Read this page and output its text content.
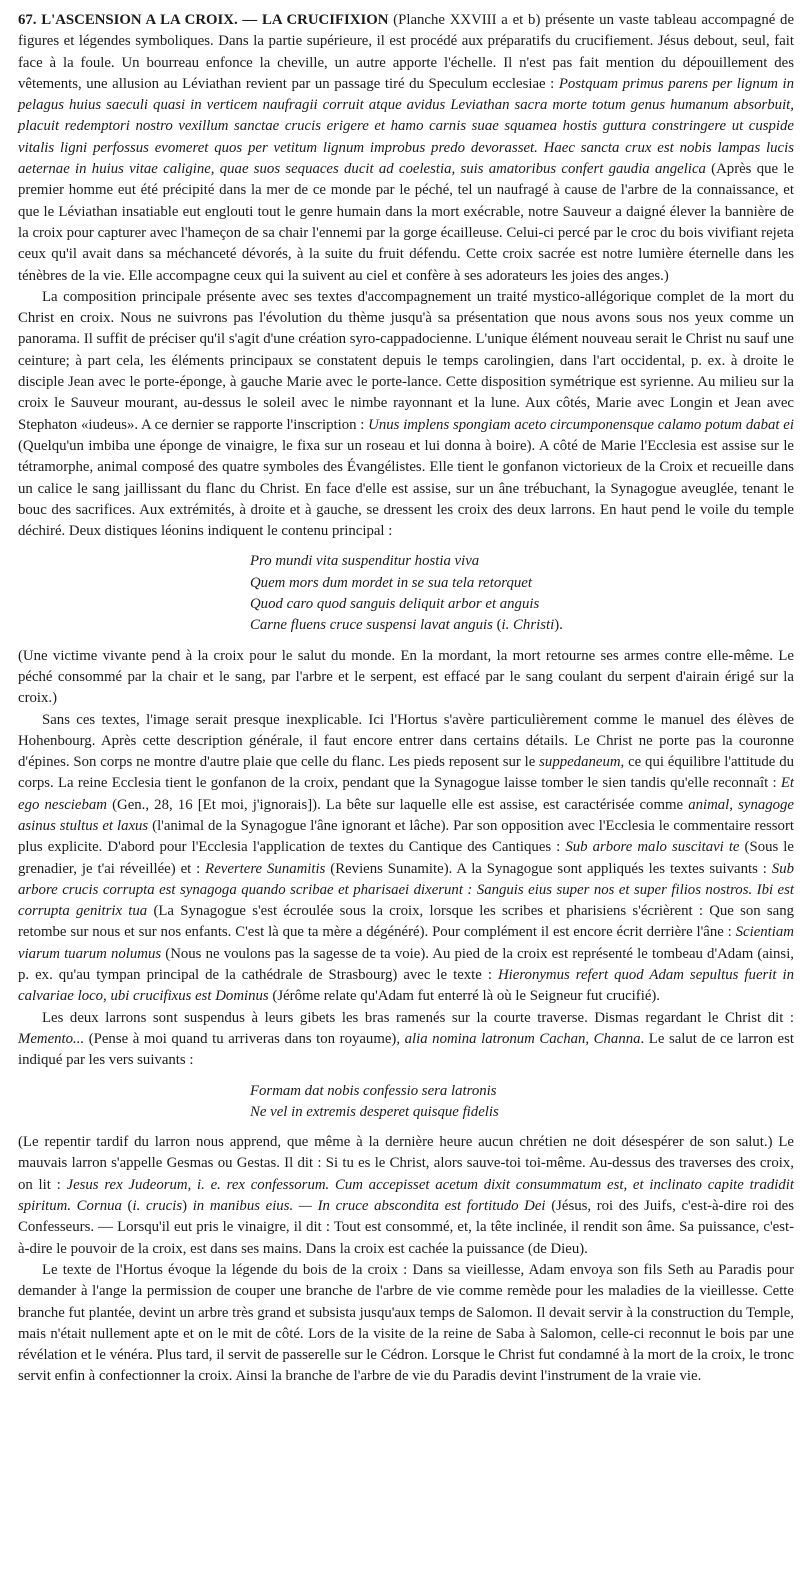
67. L'ASCENSION A LA CROIX. — LA CRUCIFIXION (Planche XXVIII a et b) présente un vaste tableau accompagné de figures et légendes symboliques. Dans la partie supérieure, il est procédé aux préparatifs du crucifiement. Jésus debout, seul, fait face à la foule. Un bourreau enfonce la cheville, un autre apporte l'échelle. Il n'est pas fait mention du dépouillement des vêtements, une allusion au Léviathan revient par un passage tiré du Speculum ecclesiae : Postquam primus parens per lignum in pelagus huius saeculi quasi in verticem naufragii corruit atque avidus Leviathan sacra morte totum genus humanum absorbuit, placuit redemptori nostro vexillum sanctae crucis erigere et hamo carnis suae squamea hostis guttura constringere ut cuspide vitalis ligni perfossus evomeret quos per vetitum lignum improbus predo devorasset. Haec sancta crux est nobis lampas lucis aeternae in huius vitae caligine, quae suos sequaces ducit ad coelestia, suis amatoribus confert gaudia angelica (Après que le premier homme eut été précipité dans la mer de ce monde par le péché, tel un naufragé à cause de l'arbre de la connaissance, et que le Léviathan insatiable eut englouti tout le genre humain dans la mort exécrable, notre Sauveur a daigné élever la bannière de la croix pour capturer avec l'hameçon de sa chair l'ennemi par la gorge écailleuse. Celui-ci percé par le croc du bois vivifiant rejeta ceux qu'il avait dans sa méchanceté dévorés, à la suite du fruit défendu. Cette croix sacrée est notre lumière éternelle dans les ténèbres de la vie. Elle accompagne ceux qui la suivent au ciel et confère à ses adorateurs les joies des anges.)

La composition principale présente avec ses textes d'accompagnement un traité mystico-allégorique complet de la mort du Christ en croix. Nous ne suivrons pas l'évolution du thème jusqu'à sa présentation que nous avons sous nos yeux comme un panorama. Il suffit de préciser qu'il s'agit d'une création syro-cappadocienne. L'unique élément nouveau serait le Christ nu sauf une ceinture; à part cela, les éléments principaux se constatent depuis le temps carolingien, dans l'art occidental, p. ex. à droite le disciple Jean avec le porte-éponge, à gauche Marie avec le porte-lance. Cette disposition symétrique est syrienne. Au milieu sur la croix le Sauveur mourant, au-dessus le soleil avec le nimbe rayonnant et la lune. Aux côtés, Marie avec Longin et Jean avec Stephaton «iudeus». A ce dernier se rapporte l'inscription : Unus implens spongiam aceto circumponensque calamo potum dabat ei (Quelqu'un imbiba une éponge de vinaigre, le fixa sur un roseau et lui donna à boire). A côté de Marie l'Ecclesia est assise sur le tétramorphe, animal composé des quatre symboles des Évangélistes. Elle tient le gonfanon victorieux de la Croix et recueille dans un calice le sang jaillissant du flanc du Christ. En face d'elle est assise, sur un âne trébuchant, la Synagogue aveuglée, tenant le bouc des sacrifices. Aux extrémités, à droite et à gauche, se dressent les croix des deux larrons. En haut pend le voile du temple déchiré. Deux distiques léonins indiquent le contenu principal :

Pro mundi vita suspenditur hostia viva
Quem mors dum mordet in se sua tela retorquet
Quod caro quod sanguis deliquit arbor et anguis
Carne fluens cruce suspensi lavat anguis (i. Christi).

(Une victime vivante pend à la croix pour le salut du monde. En la mordant, la mort retourne ses armes contre elle-même. Le péché consommé par la chair et le sang, par l'arbre et le serpent, est effacé par le sang coulant du serpent d'airain érigé sur la croix.)

Sans ces textes, l'image serait presque inexplicable. Ici l'Hortus s'avère particulièrement comme le manuel des élèves de Hohenbourg. Après cette description générale, il faut encore entrer dans certains détails. Le Christ ne porte pas la couronne d'épines. Son corps ne montre d'autre plaie que celle du flanc. Les pieds reposent sur le suppedaneum, ce qui équilibre l'attitude du corps. La reine Ecclesia tient le gonfanon de la croix, pendant que la Synagogue laisse tomber le sien tandis qu'elle reconnaît : Et ego nesciebam (Gen., 28, 16 [Et moi, j'ignorais]). La bête sur laquelle elle est assise, est caractérisée comme animal, synagoge asinus stultus et laxus (l'animal de la Synagogue l'âne ignorant et lâche). Par son opposition avec l'Ecclesia le commentaire ressort plus explicite. D'abord pour l'Ecclesia l'application de textes du Cantique des Cantiques : Sub arbore malo suscitavi te (Sous le grenadier, je t'ai réveillée) et : Revertere Sunamitis (Reviens Sunamite). A la Synagogue sont appliqués les textes suivants : Sub arbore crucis corrupta est synagoga quando scribae et pharisaei dixerunt : Sanguis eius super nos et super filios nostros. Ibi est corrupta genitrix tua (La Synagogue s'est écroulée sous la croix, lorsque les scribes et pharisiens s'écrièrent : Que son sang retombe sur nous et sur nos enfants. C'est là que ta mère a dégénéré). Pour complément il est encore écrit derrière l'âne : Scientiam viarum tuarum nolumus (Nous ne voulons pas la sagesse de ta voie). Au pied de la croix est représenté le tombeau d'Adam (ainsi, p. ex. qu'au tympan principal de la cathédrale de Strasbourg) avec le texte : Hieronymus refert quod Adam sepultus fuerit in calvariae loco, ubi crucifixus est Dominus (Jérôme relate qu'Adam fut enterré là où le Seigneur fut crucifié).

Les deux larrons sont suspendus à leurs gibets les bras ramenés sur la courte traverse. Dismas regardant le Christ dit : Memento... (Pense à moi quand tu arriveras dans ton royaume), alia nomina latronum Cachan, Channa. Le salut de ce larron est indiqué par les vers suivants :

Formam dat nobis confessio sera latronis
Ne vel in extremis desperet quisque fidelis

(Le repentir tardif du larron nous apprend, que même à la dernière heure aucun chrétien ne doit désespérer de son salut.) Le mauvais larron s'appelle Gesmas ou Gestas. Il dit : Si tu es le Christ, alors sauve-toi toi-même. Au-dessus des traverses des croix, on lit : Jesus rex Judeorum, i. e. rex confessorum. Cum accepisset acetum dixit consummatum est, et inclinato capite tradidit spiritum. Cornua (i. crucis) in manibus eius. — In cruce abscondita est fortitudo Dei (Jésus, roi des Juifs, c'est-à-dire roi des Confesseurs. — Lorsqu'il eut pris le vinaigre, il dit : Tout est consommé, et, la tête inclinée, il rendit son âme. Sa puissance, c'est-à-dire le pouvoir de la croix, est dans ses mains. Dans la croix est cachée la puissance (de Dieu).

Le texte de l'Hortus évoque la légende du bois de la croix : Dans sa vieillesse, Adam envoya son fils Seth au Paradis pour demander à l'ange la permission de couper une branche de l'arbre de vie comme remède pour les maladies de la vieillesse. Cette branche fut plantée, devint un arbre très grand et subsista jusqu'aux temps de Salomon. Il devait servir à la construction du Temple, mais n'était nullement apte et on le mit de côté. Lors de la visite de la reine de Saba à Salomon, celle-ci reconnut le bois par une révélation et le vénéra. Plus tard, il servit de passerelle sur le Cédron. Lorsque le Christ fut condamné à la mort de la croix, le tronc servit enfin à confectionner la croix. Ainsi la branche de l'arbre de vie du Paradis devint l'instrument de la vraie vie.
